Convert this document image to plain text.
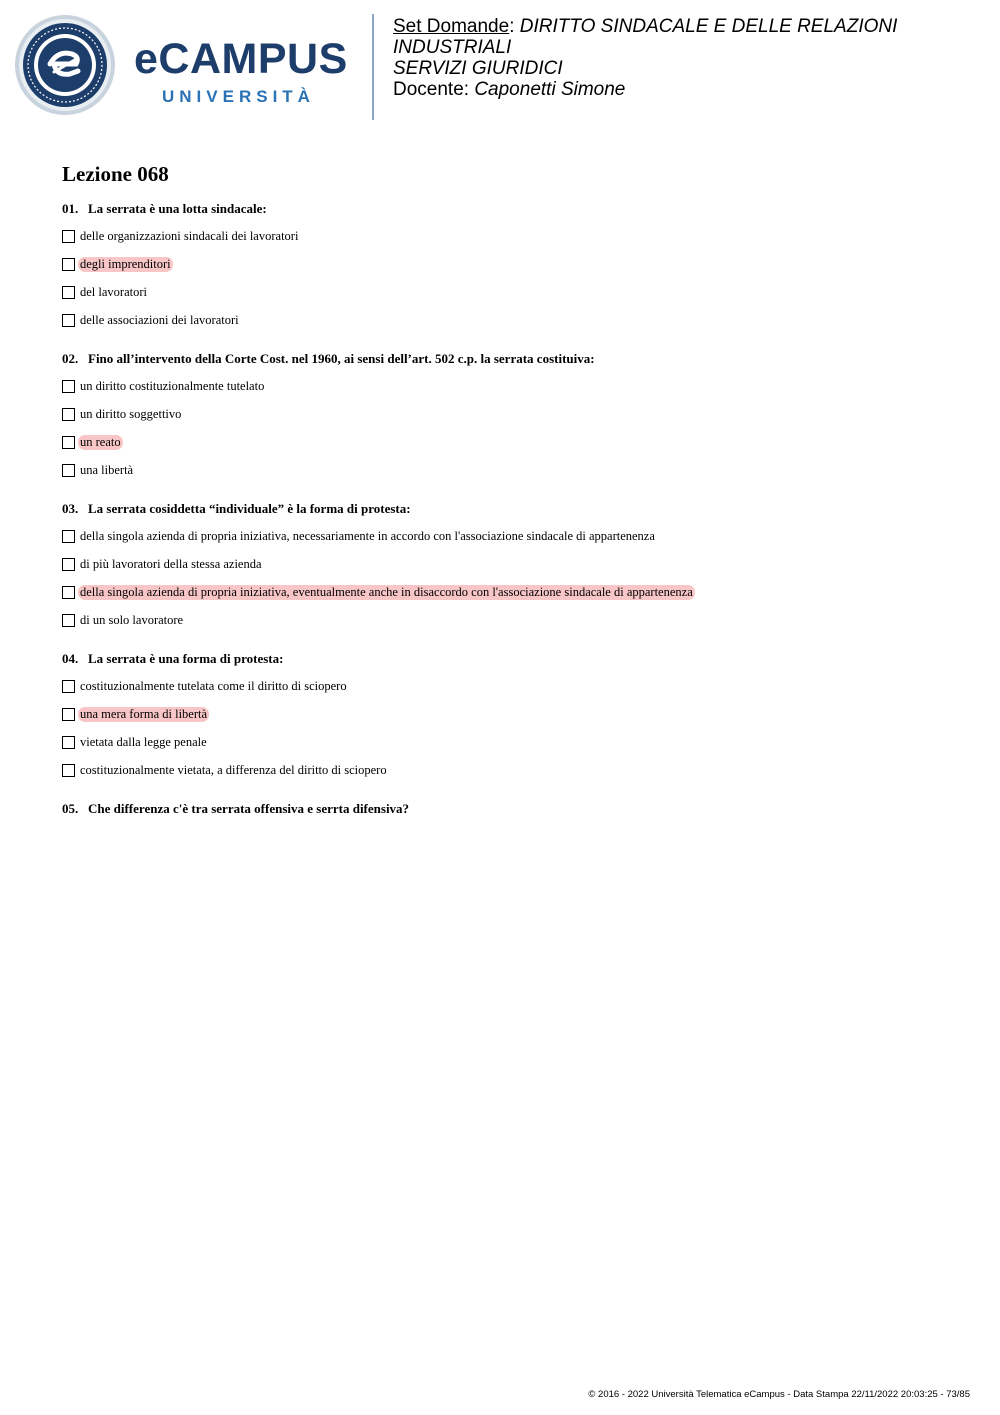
eCAMPUS
UNIVERSITÀ

Set Domande: DIRITTO SINDACALE E DELLE RELAZIONI INDUSTRIALI

SERVIZI GIURIDICI

Docente: Caponetti Simone

Lezione 068

01. La serrata è una lotta sindacale:

delle organizzazioni sindacali dei lavoratori
degli imprenditori
del lavoratori
delle associazioni dei lavoratori

02. Fino all’intervento della Corte Cost. nel 1960, ai sensi dell’art. 502 c.p. la serrata costituiva:

un diritto costituzionalmente tutelato
un diritto soggettivo
un reato
una libertà

03. La serrata cosiddetta “individuale” è la forma di protesta:

della singola azienda di propria iniziativa, necessariamente in accordo con l'associazione sindacale di appartenenza
di più lavoratori della stessa azienda
della singola azienda di propria iniziativa, eventualmente anche in disaccordo con l'associazione sindacale di appartenenza
di un solo lavoratore

04. La serrata è una forma di protesta:

costituzionalmente tutelata come il diritto di sciopero
una mera forma di libertà
vietata dalla legge penale
costituzionalmente vietata, a differenza del diritto di sciopero

05. Che differenza c'è tra serrata offensiva e serrta difensiva?

© 2016 - 2022 Università Telematica eCampus - Data Stampa 22/11/2022 20:03:25 - 73/85
